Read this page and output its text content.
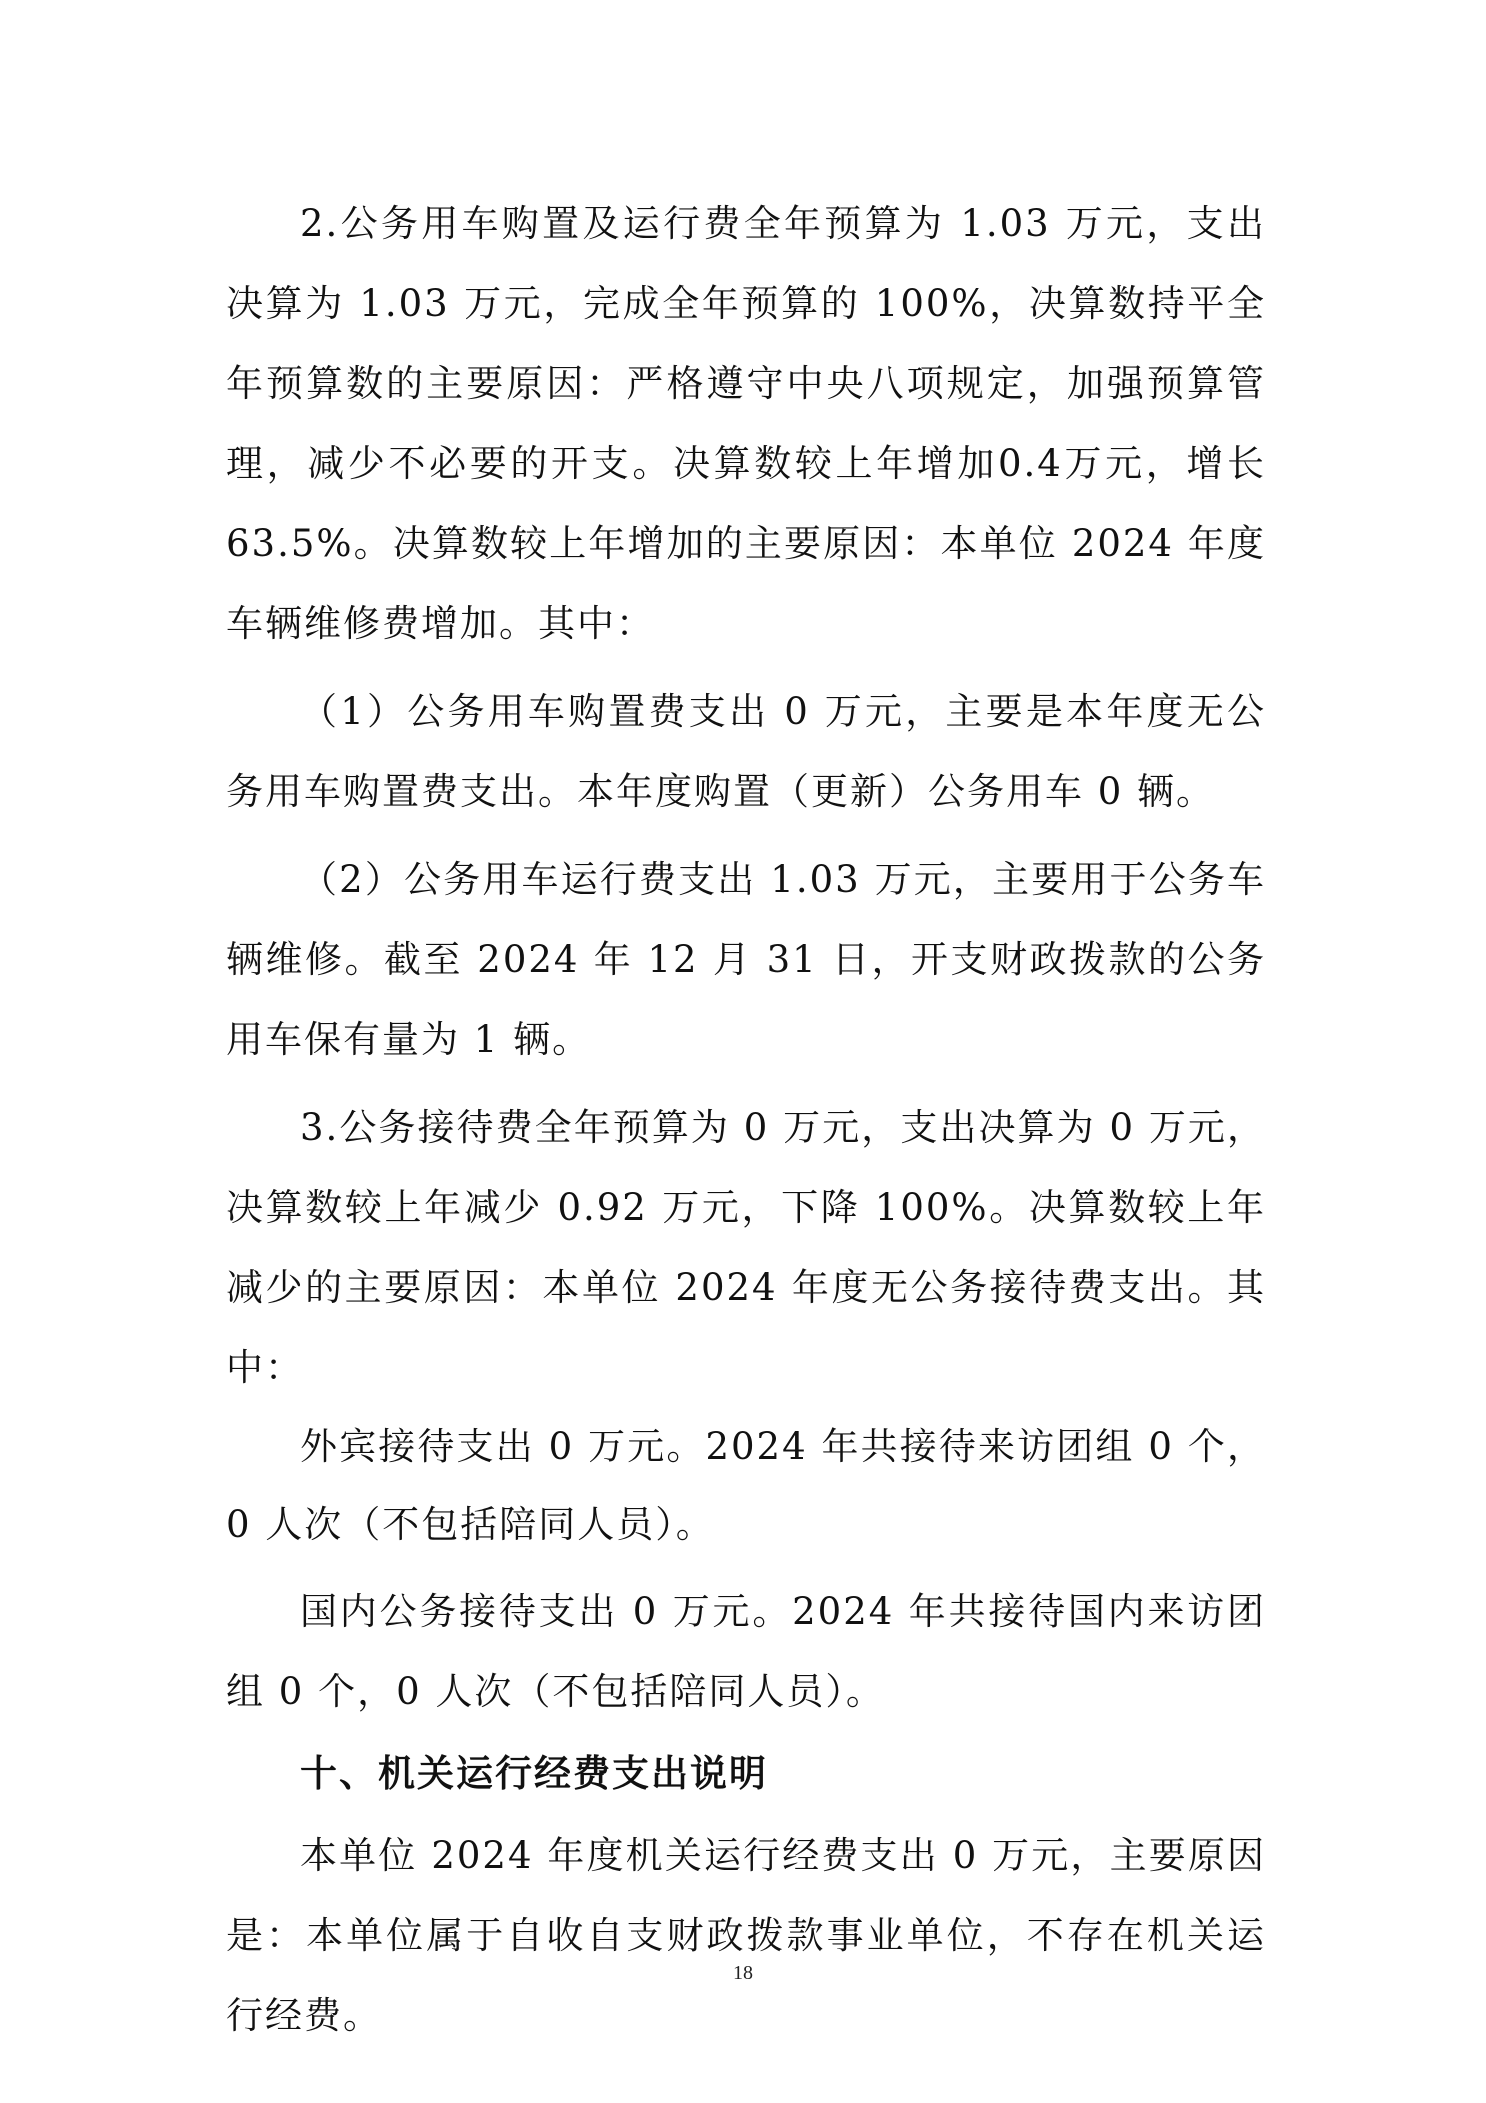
2.公务用车购置及运行费全年预算为 1.03 万元，支出决算为 1.03 万元，完成全年预算的 100%，决算数持平全年预算数的主要原因：严格遵守中央八项规定，加强预算管理，减少不必要的开支。决算数较上年增加0.4万元，增长63.5%。决算数较上年增加的主要原因：本单位 2024 年度车辆维修费增加。其中：

（1）公务用车购置费支出 0 万元，主要是本年度无公务用车购置费支出。本年度购置（更新）公务用车 0 辆。

（2）公务用车运行费支出 1.03 万元，主要用于公务车辆维修。截至 2024 年 12 月 31 日，开支财政拨款的公务用车保有量为 1 辆。

3.公务接待费全年预算为 0 万元，支出决算为 0 万元，决算数较上年减少 0.92 万元，下降 100%。决算数较上年减少的主要原因：本单位 2024 年度无公务接待费支出。其中：

外宾接待支出 0 万元。2024 年共接待来访团组 0 个，0 人次（不包括陪同人员）。

国内公务接待支出 0 万元。2024 年共接待国内来访团组 0 个，0 人次（不包括陪同人员）。

十、机关运行经费支出说明

本单位 2024 年度机关运行经费支出 0 万元，主要原因是：本单位属于自收自支财政拨款事业单位，不存在机关运行经费。

18
